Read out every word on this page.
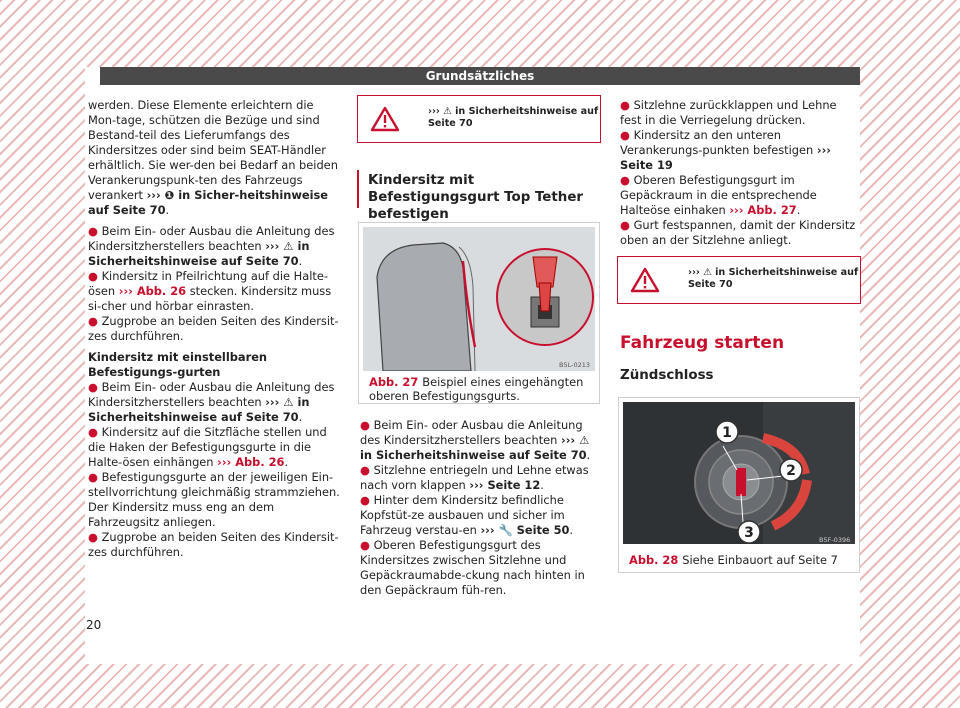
Grundsätzliches

werden. Diese Elemente erleichtern die Mon-tage, schützen die Bezüge und sind Bestand-teil des Lieferumfangs des Kindersitzes oder sind beim SEAT-Händler erhältlich. Sie wer-den bei Bedarf an beiden Verankerungspunk-ten des Fahrzeugs verankert ››› ❶ in Sicher-heitshinweise auf Seite 70.

● Beim Ein- oder Ausbau die Anleitung des Kindersitzherstellers beachten ››› ⚠ in Sicherheitshinweise auf Seite 70.

● Kindersitz in Pfeilrichtung auf die Halte-ösen ››› Abb. 26 stecken. Kindersitz muss si-cher und hörbar einrasten.

● Zugprobe an beiden Seiten des Kindersit-zes durchführen.

Kindersitz mit einstellbaren Befestigungs-gurten

● Beim Ein- oder Ausbau die Anleitung des Kindersitzherstellers beachten ››› ⚠ in Sicherheitshinweise auf Seite 70.

● Kindersitz auf die Sitzfläche stellen und die Haken der Befestigungsgurte in die Halte-ösen einhängen ››› Abb. 26.

● Befestigungsgurte an der jeweiligen Ein-stellvorrichtung gleichmäßig strammziehen. Der Kindersitz muss eng an dem Fahrzeugsitz anliegen.

● Zugprobe an beiden Seiten des Kindersit-zes durchführen.

››› ⚠ in Sicherheitshinweise auf
Seite 70
Kindersitz mit Befestigungsgurt Top Tether befestigen
B5L-0213
Abb. 27 Beispiel eines eingehängten oberen Befestigungsgurts.

● Beim Ein- oder Ausbau die Anleitung des Kindersitzherstellers beachten ››› ⚠ in Sicherheitshinweise auf Seite 70.

● Sitzlehne entriegeln und Lehne etwas nach vorn klappen ››› Seite 12.

● Hinter dem Kindersitz befindliche Kopfstüt-ze ausbauen und sicher im Fahrzeug verstau-en ››› 🔧 Seite 50.

● Oberen Befestigungsgurt des Kindersitzes zwischen Sitzlehne und Gepäckraumabde-ckung nach hinten in den Gepäckraum füh-ren.

● Sitzlehne zurückklappen und Lehne fest in die Verriegelung drücken.

● Kindersitz an den unteren Verankerungs-punkten befestigen ››› Seite 19

● Oberen Befestigungsgurt im Gepäckraum in die entsprechende Halteöse einhaken ››› Abb. 27.

● Gurt festspannen, damit der Kindersitz oben an der Sitzlehne anliegt.

››› ⚠ in Sicherheitshinweise auf
Seite 70
Fahrzeug starten
Zündschloss
1
2
3	B5F-0396
Abb. 28 Siehe Einbauort auf Seite 7
20
